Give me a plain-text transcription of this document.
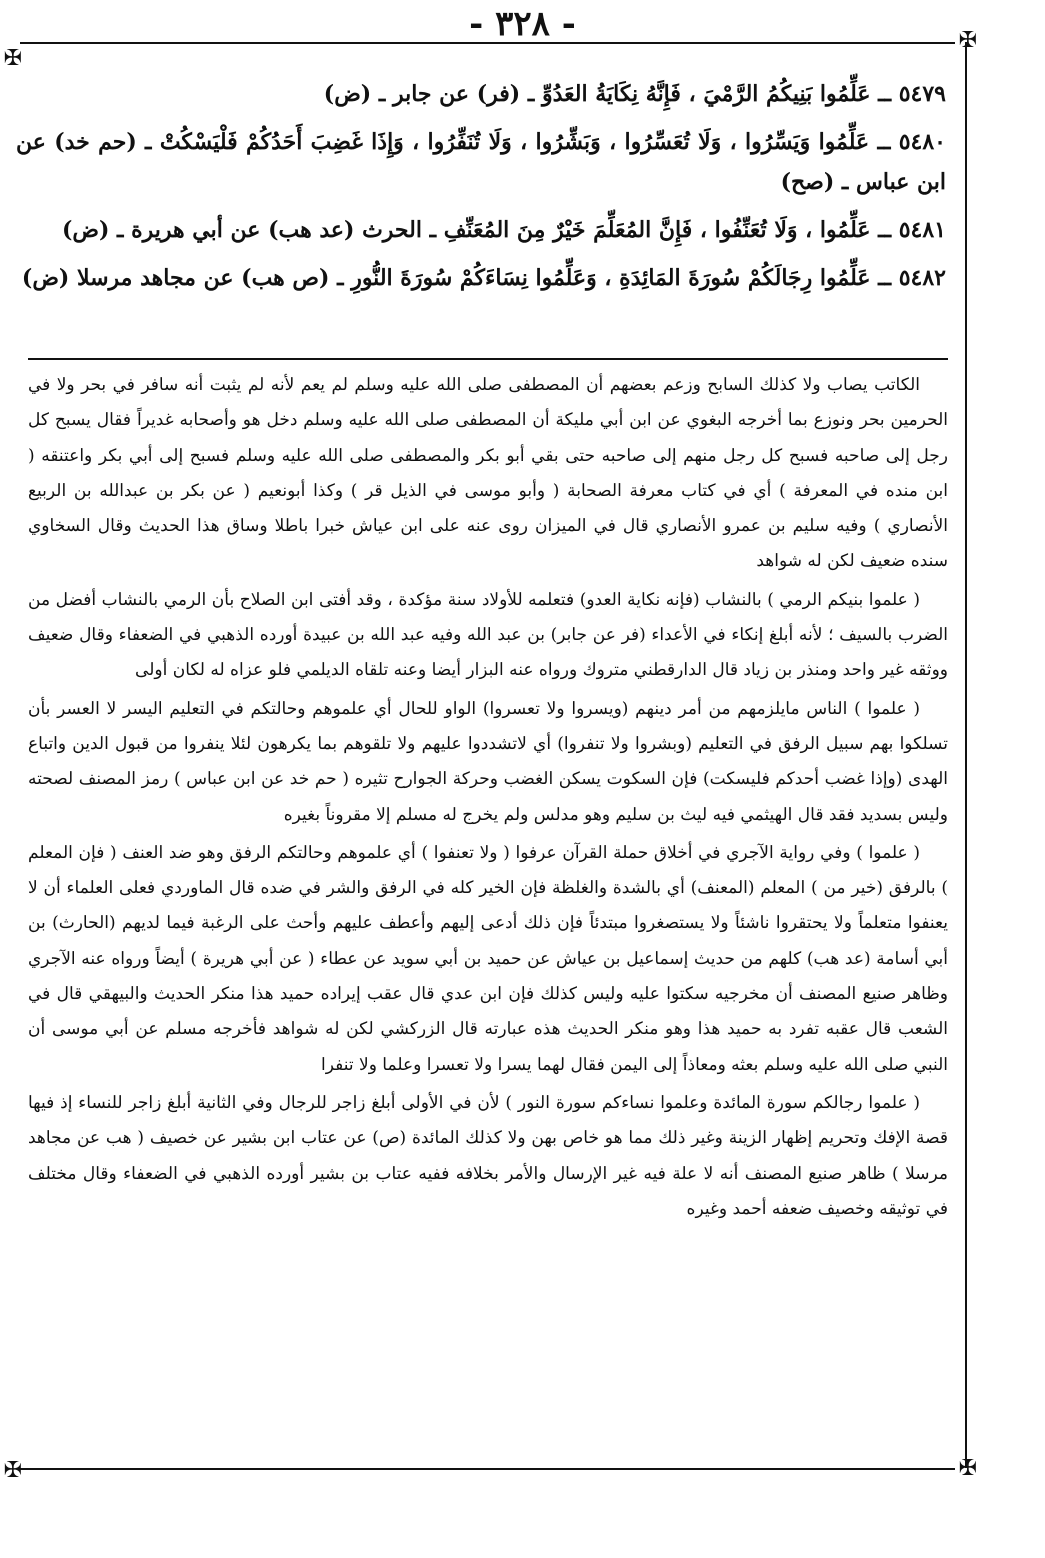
- ٣٢٨ -	✠
✠
✠
✠

٥٤٧٩ ــ عَلِّمُوا بَنِيكُمُ الرَّمْيَ ، فَإِنَّهُ نِكَايَةُ العَدُوِّ ـ (فر) عن جابر ـ (ض)

٥٤٨٠ ــ عَلِّمُوا وَيَسِّرُوا ، وَلَا تُعَسِّرُوا ، وَبَشِّرُوا ، وَلَا تُنَفِّرُوا ، وَإِذَا غَضِبَ أَحَدُكُمْ فَلْيَسْكُتْ ـ (حم خد) عن ابن عباس ـ (صح)

٥٤٨١ ــ عَلِّمُوا ، وَلَا تُعَنِّفُوا ، فَإِنَّ المُعَلِّمَ خَيْرٌ مِنَ المُعَنِّفِ ـ الحرث (عد هب) عن أبي هريرة ـ (ض)

٥٤٨٢ ــ عَلِّمُوا رِجَالَكُمْ سُورَةَ المَائِدَةِ ، وَعَلِّمُوا نِسَاءَكُمْ سُورَةَ النُّورِ ـ (ص هب) عن مجاهد مرسلا (ض)

الكاتب يصاب ولا كذلك السابح وزعم بعضهم أن المصطفى صلى الله عليه وسلم لم يعم لأنه لم يثبت أنه سافر في بحر ولا في الحرمين بحر ونوزع بما أخرجه البغوي عن ابن أبي مليكة أن المصطفى صلى الله عليه وسلم دخل هو وأصحابه غديراً فقال يسبح كل رجل إلى صاحبه فسبح كل رجل منهم إلى صاحبه حتى بقي أبو بكر والمصطفى صلى الله عليه وسلم فسبح إلى أبي بكر واعتنقه ( ابن منده في المعرفة ) أي في كتاب معرفة الصحابة ( وأبو موسى في الذيل قر ) وكذا أبونعيم ( عن بكر بن عبدالله بن الربيع الأنصاري ) وفيه سليم بن عمرو الأنصاري قال في الميزان روى عنه على ابن عياش خبرا باطلا وساق هذا الحديث وقال السخاوي سنده ضعيف لكن له شواهد

( علموا بنيكم الرمي ) بالنشاب (فإنه نكاية العدو) فتعلمه للأولاد سنة مؤكدة ، وقد أفتى ابن الصلاح بأن الرمي بالنشاب أفضل من الضرب بالسيف ؛ لأنه أبلغ إنكاء في الأعداء (فر عن جابر) بن عبد الله وفيه عبد الله بن عبيدة أورده الذهبي في الضعفاء وقال ضعيف ووثقه غير واحد ومنذر بن زياد قال الدارقطني متروك ورواه عنه البزار أيضا وعنه تلقاه الديلمي فلو عزاه له لكان أولى

( علموا ) الناس مايلزمهم من أمر دينهم (ويسروا ولا تعسروا) الواو للحال أي علموهم وحالتكم في التعليم اليسر لا العسر بأن تسلكوا بهم سبيل الرفق في التعليم (وبشروا ولا تنفروا) أي لاتشددوا عليهم ولا تلقوهم بما يكرهون لئلا ينفروا من قبول الدين واتباع الهدى (وإذا غضب أحدكم فليسكت) فإن السكوت يسكن الغضب وحركة الجوارح تثيره ( حم خد عن ابن عباس ) رمز المصنف لصحته وليس بسديد فقد قال الهيثمي فيه ليث بن سليم وهو مدلس ولم يخرج له مسلم إلا مقروناً بغيره

( علموا ) وفي رواية الآجري في أخلاق حملة القرآن عرفوا ( ولا تعنفوا ) أي علموهم وحالتكم الرفق وهو ضد العنف ( فإن المعلم ) بالرفق (خير من ) المعلم (المعنف) أي بالشدة والغلظة فإن الخير كله في الرفق والشر في ضده قال الماوردي فعلى العلماء أن لا يعنفوا متعلماً ولا يحتقروا ناشئاً ولا يستصغروا مبتدئاً فإن ذلك أدعى إليهم وأعطف عليهم وأحث على الرغبة فيما لديهم (الحارث) بن أبي أسامة (عد هب) كلهم من حديث إسماعيل بن عياش عن حميد بن أبي سويد عن عطاء ( عن أبي هريرة ) أيضاً ورواه عنه الآجري وظاهر صنيع المصنف أن مخرجيه سكتوا عليه وليس كذلك فإن ابن عدي قال عقب إيراده حميد هذا منكر الحديث والبيهقي قال في الشعب قال عقبه تفرد به حميد هذا وهو منكر الحديث هذه عبارته قال الزركشي لكن له شواهد فأخرجه مسلم عن أبي موسى أن النبي صلى الله عليه وسلم بعثه ومعاذاً إلى اليمن فقال لهما يسرا ولا تعسرا وعلما ولا تنفرا

( علموا رجالكم سورة المائدة وعلموا نساءكم سورة النور ) لأن في الأولى أبلغ زاجر للرجال وفي الثانية أبلغ زاجر للنساء إذ فيها قصة الإفك وتحريم إظهار الزينة وغير ذلك مما هو خاص بهن ولا كذلك المائدة (ص) عن عتاب ابن بشير عن خصيف ( هب عن مجاهد مرسلا ) ظاهر صنيع المصنف أنه لا علة فيه غير الإرسال والأمر بخلافه ففيه عتاب بن بشير أورده الذهبي في الضعفاء وقال مختلف في توثيقه وخصيف ضعفه أحمد وغيره
